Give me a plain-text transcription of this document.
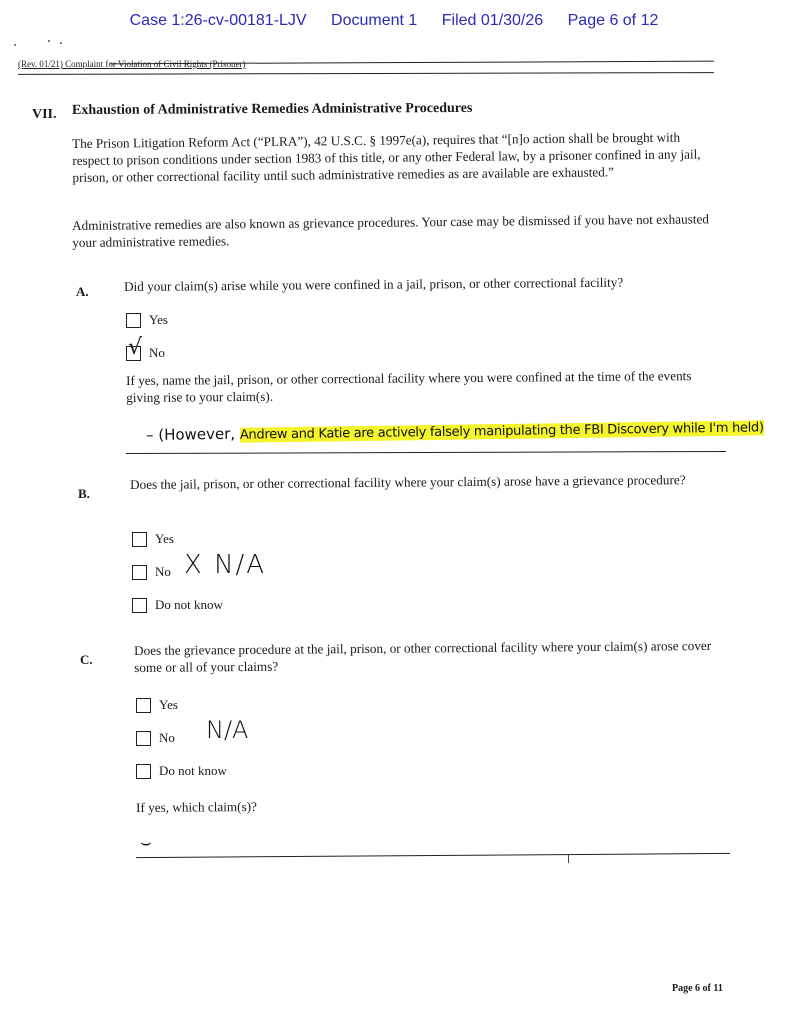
Case 1:26-cv-00181-LJV Document 1 Filed 01/30/26 Page 6 of 12
(Rev. 01/21) Complaint for Violation of Civil Rights (Prisoner)
VII. Exhaustion of Administrative Remedies Administrative Procedures
The Prison Litigation Reform Act (“PLRA”), 42 U.S.C. § 1997e(a), requires that “[n]o action shall be brought with respect to prison conditions under section 1983 of this title, or any other Federal law, by a prisoner confined in any jail, prison, or other correctional facility until such administrative remedies as are available are exhausted.”
Administrative remedies are also known as grievance procedures. Your case may be dismissed if you have not exhausted your administrative remedies.
A.	Did your claim(s) arise while you were confined in a jail, prison, or other correctional facility?
Yes
√ No
If yes, name the jail, prison, or other correctional facility where you were confined at the time of the events giving rise to your claim(s).
– (However, Andrew and Katie are actively falsely manipulating the FBI Discovery while I'm held)
B.
Does the jail, prison, or other correctional facility where your claim(s) arose have a grievance procedure?
Yes
No X N/A
Do not know
C.
Does the grievance procedure at the jail, prison, or other correctional facility where your claim(s) arose cover some or all of your claims?
Yes
No N/A
Do not know
If yes, which claim(s)?
⌣
Page 6 of 11
